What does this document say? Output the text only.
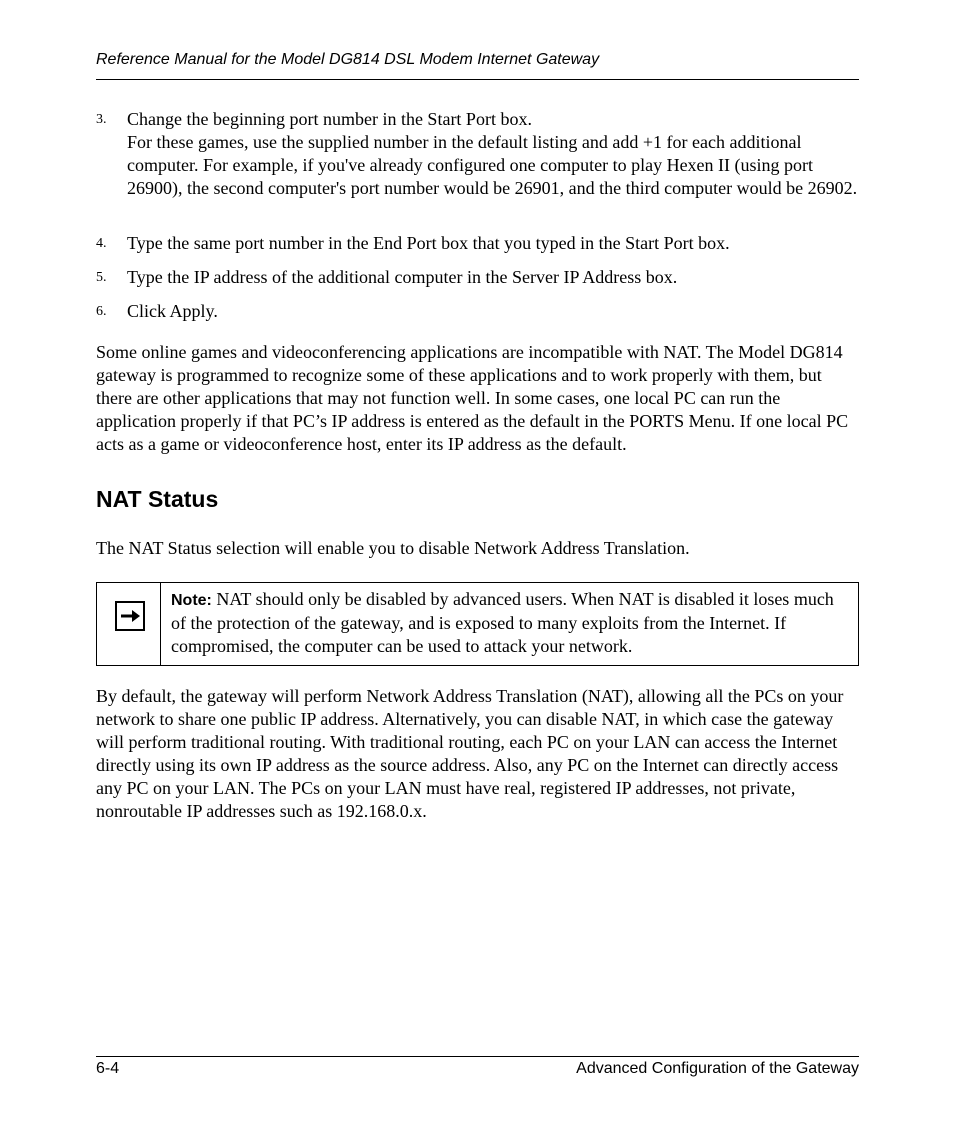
Reference Manual for the Model DG814 DSL Modem Internet Gateway
3. Change the beginning port number in the Start Port box.
For these games, use the supplied number in the default listing and add +1 for each additional computer. For example, if you've already configured one computer to play Hexen II (using port 26900), the second computer's port number would be 26901, and the third computer would be 26902.
4. Type the same port number in the End Port box that you typed in the Start Port box.
5. Type the IP address of the additional computer in the Server IP Address box.
6. Click Apply.
Some online games and videoconferencing applications are incompatible with NAT. The Model DG814 gateway is programmed to recognize some of these applications and to work properly with them, but there are other applications that may not function well. In some cases, one local PC can run the application properly if that PC’s IP address is entered as the default in the PORTS Menu. If one local PC acts as a game or videoconference host, enter its IP address as the default.
NAT Status
The NAT Status selection will enable you to disable Network Address Translation.
Note: NAT should only be disabled by advanced users. When NAT is disabled it loses much of the protection of the gateway, and is exposed to many exploits from the Internet. If compromised, the computer can be used to attack your network.
By default, the gateway will perform Network Address Translation (NAT), allowing all the PCs on your network to share one public IP address. Alternatively, you can disable NAT, in which case the gateway will perform traditional routing. With traditional routing, each PC on your LAN can access the Internet directly using its own IP address as the source address. Also, any PC on the Internet can directly access any PC on your LAN. The PCs on your LAN must have real, registered IP addresses, not private, nonroutable IP addresses such as 192.168.0.x.
6-4	Advanced Configuration of the Gateway
